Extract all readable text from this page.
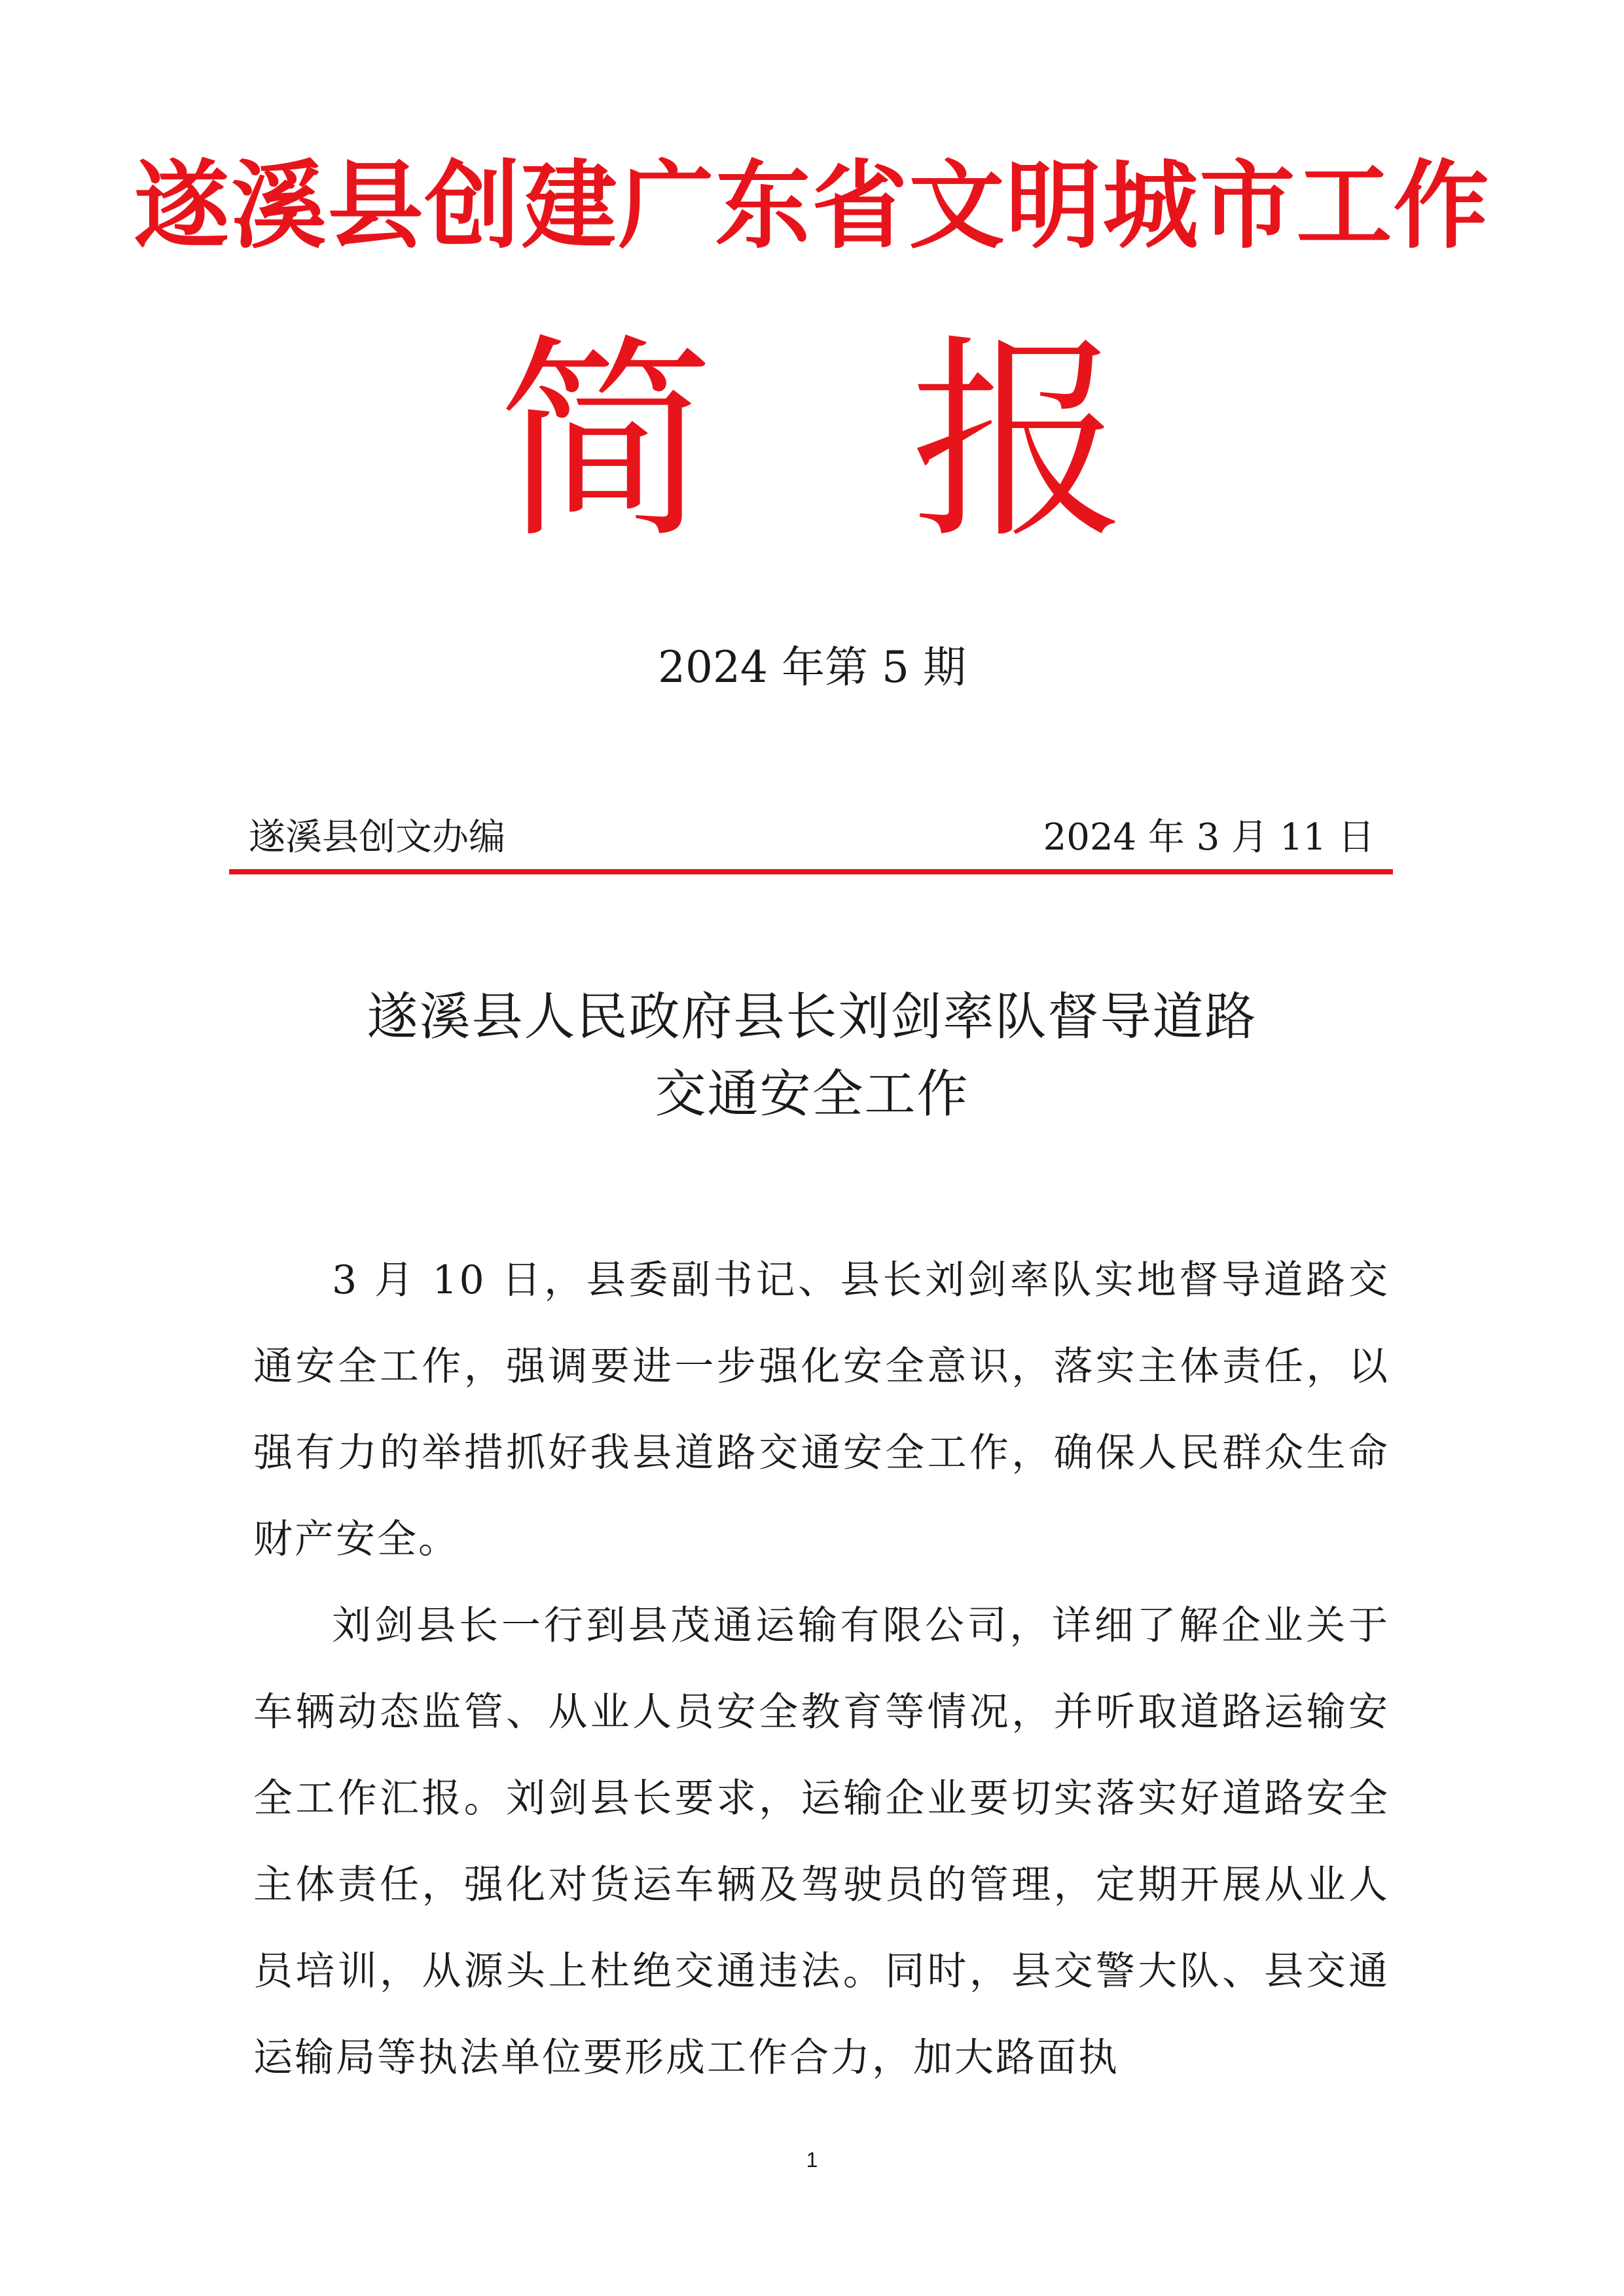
遂溪县创建广东省文明城市工作
简报
2024 年第 5 期
遂溪县创文办编	2024 年 3 月 11 日
遂溪县人民政府县长刘剑率队督导道路
交通安全工作

3 月 10 日，县委副书记、县长刘剑率队实地督导道路交通安全工作，强调要进一步强化安全意识，落实主体责任，以强有力的举措抓好我县道路交通安全工作，确保人民群众生命财产安全。

刘剑县长一行到县茂通运输有限公司，详细了解企业关于车辆动态监管、从业人员安全教育等情况，并听取道路运输安全工作汇报。刘剑县长要求，运输企业要切实落实好道路安全主体责任，强化对货运车辆及驾驶员的管理，定期开展从业人员培训，从源头上杜绝交通违法。同时，县交警大队、县交通运输局等执法单位要形成工作合力，加大路面执

1
